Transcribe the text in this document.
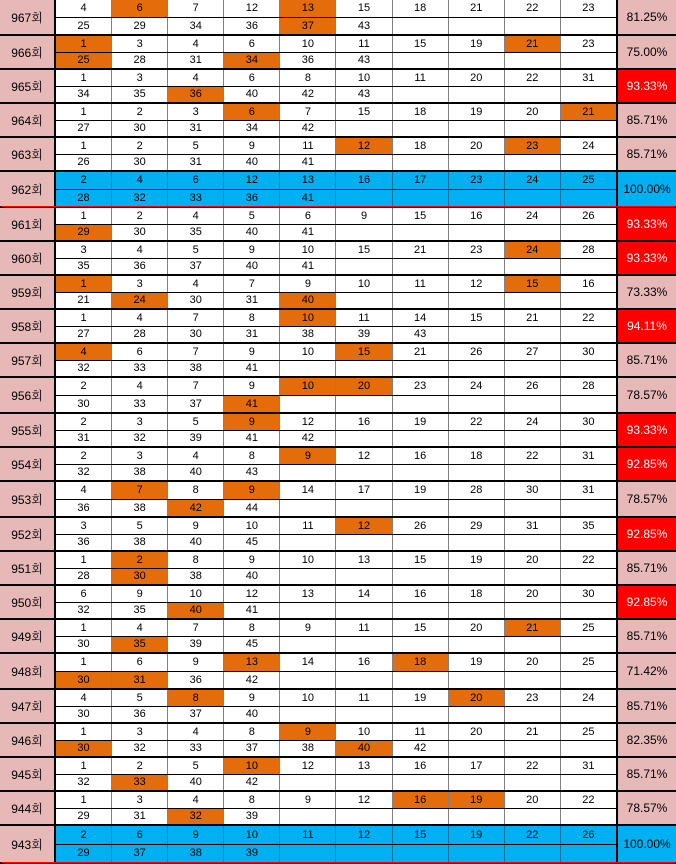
967회
4	6	7	12	13	15	18	21	22	23
25	29	34	36	37	43
81.25%
966회
1	3	4	6	10	11	15	19	21	23
25	28	31	34	36	43
75.00%
965회
1	3	4	6	8	10	11	20	22	31
34	35	36	40	42	43
93.33%
964회
1	2	3	6	7	15	18	19	20	21
27	30	31	34	42
85.71%
963회
1	2	5	9	11	12	18	20	23	24
26	30	31	40	41
85.71%
962회
2	4	6	12	13	16	17	23	24	25
28	32	33	36	41
100.00%
961회
1	2	4	5	6	9	15	16	24	26
29	30	35	40	41
93.33%
960회
3	4	5	9	10	15	21	23	24	28
35	36	37	40	41
93.33%
959회
1	3	4	7	9	10	11	12	15	16
21	24	30	31	40
73.33%
958회
1	4	7	8	10	11	14	15	21	22
27	28	30	31	38	39	43
94.11%
957회
4	6	7	9	10	15	21	26	27	30
32	33	38	41
85.71%
956회
2	4	7	9	10	20	23	24	26	28
30	33	37	41
78.57%
955회
2	3	5	9	12	16	19	22	24	30
31	32	39	41	42
93.33%
954회
2	3	4	8	9	12	16	18	22	31
32	38	40	43
92.85%
953회
4	7	8	9	14	17	19	28	30	31
36	38	42	44
78.57%
952회
3	5	9	10	11	12	26	29	31	35
36	38	40	45
92.85%
951회
1	2	8	9	10	13	15	19	20	22
28	30	38	40
85.71%
950회
6	9	10	12	13	14	16	18	20	30
32	35	40	41
92.85%
949회
1	4	7	8	9	11	15	20	21	25
30	35	39	45
85.71%
948회
1	6	9	13	14	16	18	19	20	25
30	31	36	42
71.42%
947회
4	5	8	9	10	11	19	20	23	24
30	36	37	40
85.71%
946회
1	3	4	8	9	10	11	20	21	25
30	32	33	37	38	40	42
82.35%
945회
1	2	5	10	12	13	16	17	22	31
32	33	40	42
85.71%
944회
1	3	4	8	9	12	16	19	20	22
29	31	32	39
78.57%
943회
2	6	9	10	11	12	15	19	22	26
29	37	38	39
100.00%
